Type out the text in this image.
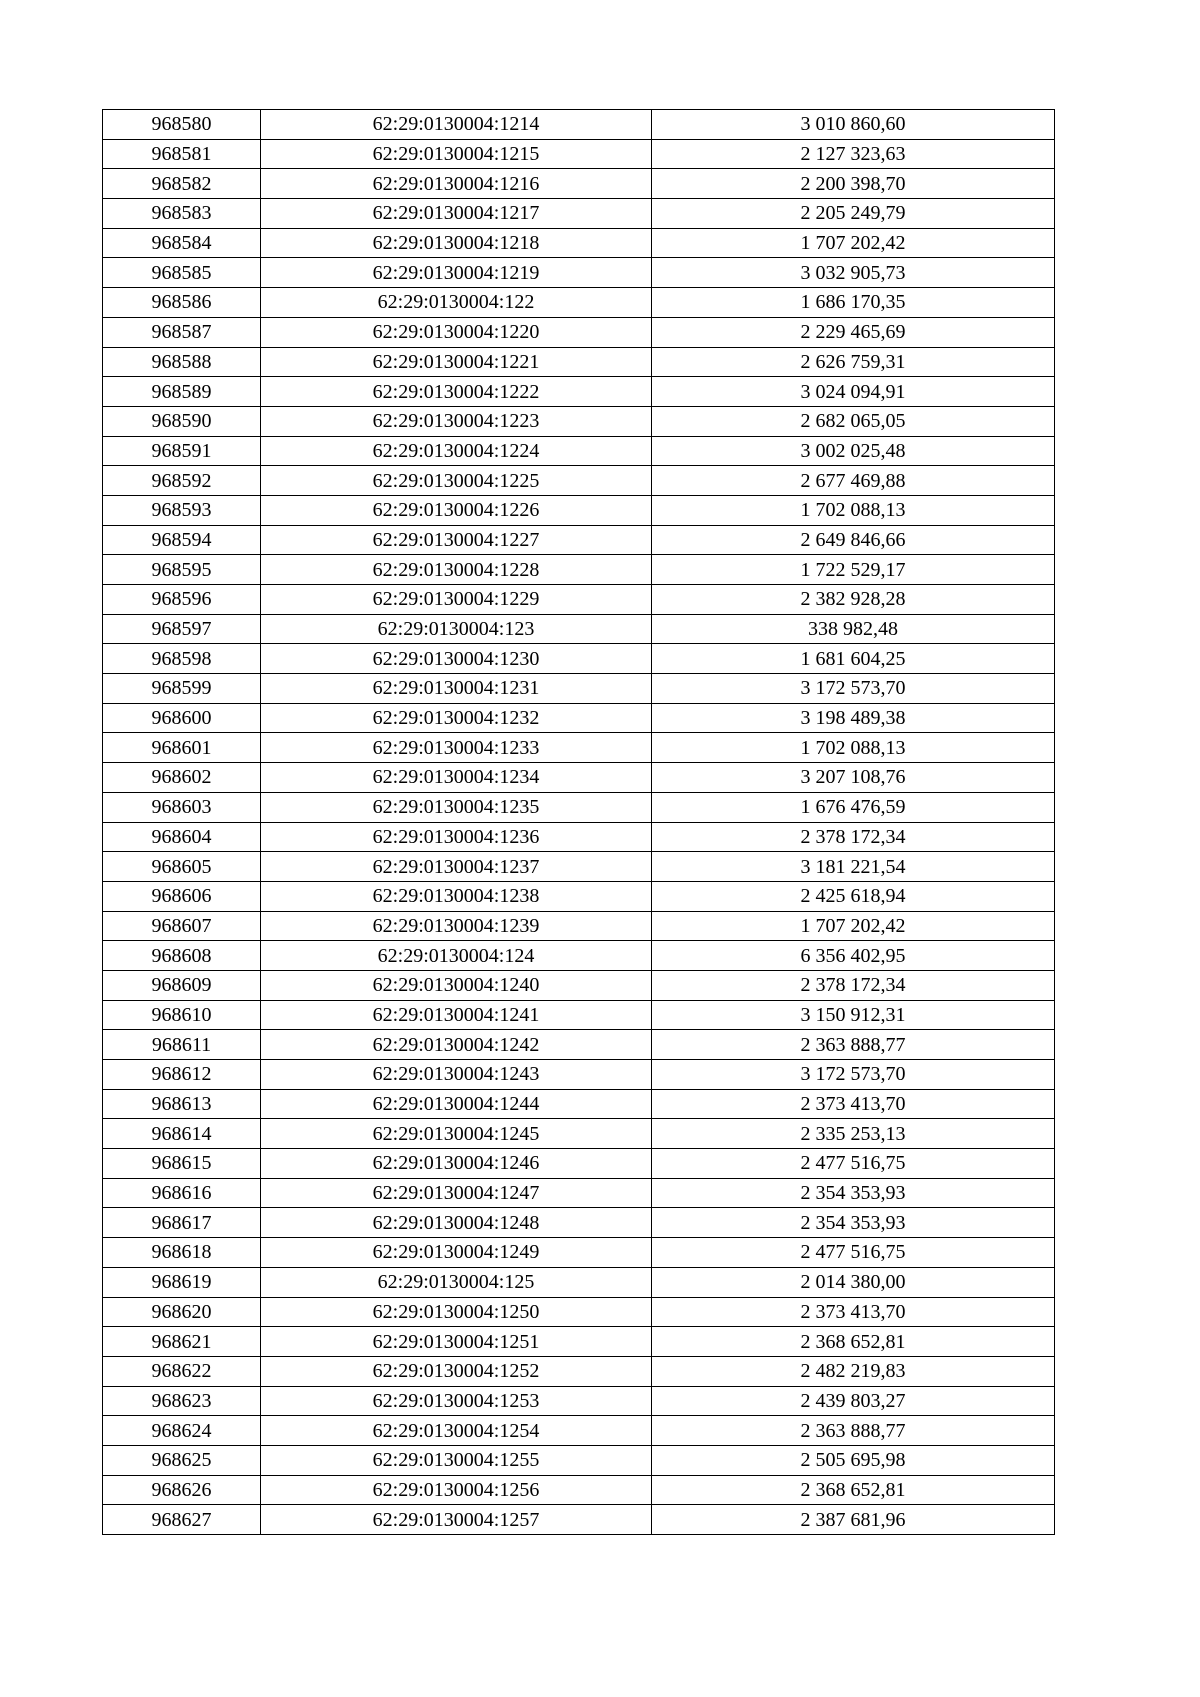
968580	62:29:0130004:1214	3 010 860,60
968581	62:29:0130004:1215	2 127 323,63
968582	62:29:0130004:1216	2 200 398,70
968583	62:29:0130004:1217	2 205 249,79
968584	62:29:0130004:1218	1 707 202,42
968585	62:29:0130004:1219	3 032 905,73
968586	62:29:0130004:122	1 686 170,35
968587	62:29:0130004:1220	2 229 465,69
968588	62:29:0130004:1221	2 626 759,31
968589	62:29:0130004:1222	3 024 094,91
968590	62:29:0130004:1223	2 682 065,05
968591	62:29:0130004:1224	3 002 025,48
968592	62:29:0130004:1225	2 677 469,88
968593	62:29:0130004:1226	1 702 088,13
968594	62:29:0130004:1227	2 649 846,66
968595	62:29:0130004:1228	1 722 529,17
968596	62:29:0130004:1229	2 382 928,28
968597	62:29:0130004:123	338 982,48
968598	62:29:0130004:1230	1 681 604,25
968599	62:29:0130004:1231	3 172 573,70
968600	62:29:0130004:1232	3 198 489,38
968601	62:29:0130004:1233	1 702 088,13
968602	62:29:0130004:1234	3 207 108,76
968603	62:29:0130004:1235	1 676 476,59
968604	62:29:0130004:1236	2 378 172,34
968605	62:29:0130004:1237	3 181 221,54
968606	62:29:0130004:1238	2 425 618,94
968607	62:29:0130004:1239	1 707 202,42
968608	62:29:0130004:124	6 356 402,95
968609	62:29:0130004:1240	2 378 172,34
968610	62:29:0130004:1241	3 150 912,31
968611	62:29:0130004:1242	2 363 888,77
968612	62:29:0130004:1243	3 172 573,70
968613	62:29:0130004:1244	2 373 413,70
968614	62:29:0130004:1245	2 335 253,13
968615	62:29:0130004:1246	2 477 516,75
968616	62:29:0130004:1247	2 354 353,93
968617	62:29:0130004:1248	2 354 353,93
968618	62:29:0130004:1249	2 477 516,75
968619	62:29:0130004:125	2 014 380,00
968620	62:29:0130004:1250	2 373 413,70
968621	62:29:0130004:1251	2 368 652,81
968622	62:29:0130004:1252	2 482 219,83
968623	62:29:0130004:1253	2 439 803,27
968624	62:29:0130004:1254	2 363 888,77
968625	62:29:0130004:1255	2 505 695,98
968626	62:29:0130004:1256	2 368 652,81
968627	62:29:0130004:1257	2 387 681,96
